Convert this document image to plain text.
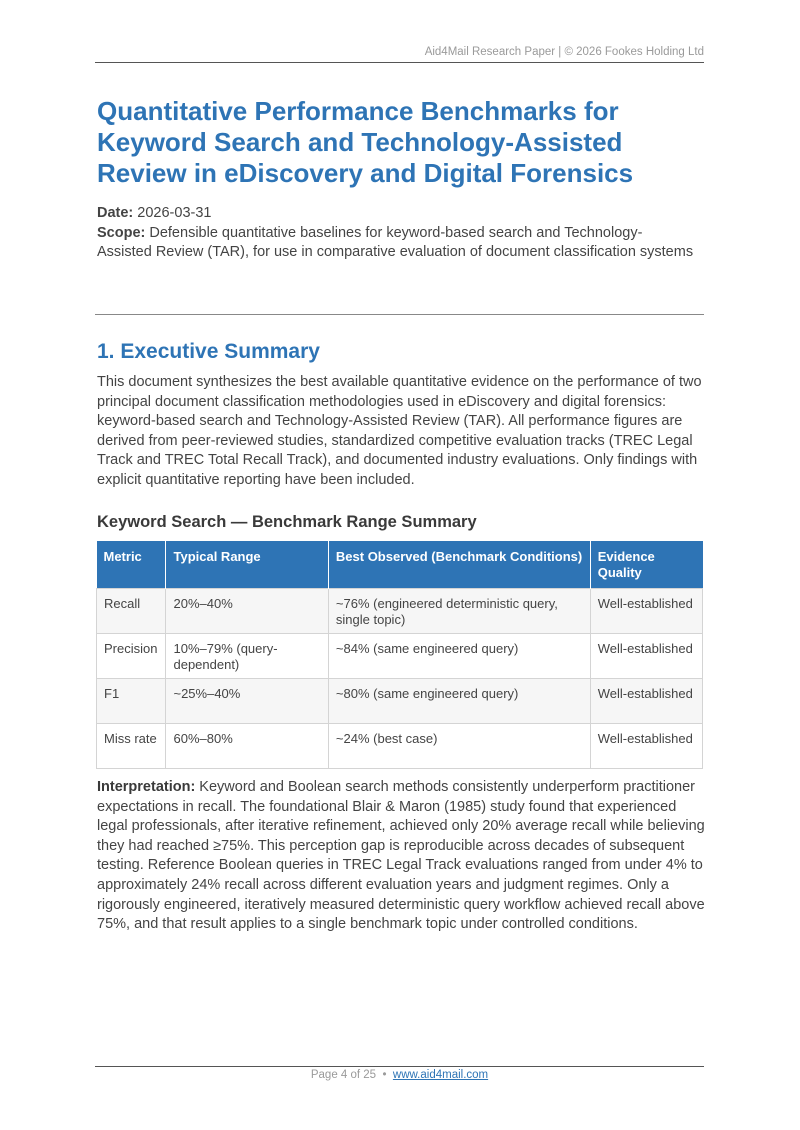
Aid4Mail Research Paper | © 2026 Fookes Holding Ltd
Quantitative Performance Benchmarks for Keyword Search and Technology-Assisted Review in eDiscovery and Digital Forensics

Date: 2026-03-31

Scope: Defensible quantitative baselines for keyword-based search and Technology-Assisted Review (TAR), for use in comparative evaluation of document classification systems

1. Executive Summary

This document synthesizes the best available quantitative evidence on the performance of two principal document classification methodologies used in eDiscovery and digital forensics: keyword-based search and Technology-Assisted Review (TAR). All performance figures are derived from peer-reviewed studies, standardized competitive evaluation tracks (TREC Legal Track and TREC Total Recall Track), and documented industry evaluations. Only findings with explicit quantitative reporting have been included.

Keyword Search — Benchmark Range Summary
Metric	Typical Range	Best Observed (Benchmark Conditions)	Evidence Quality
Recall	20%–40%	~76% (engineered deterministic query, single topic)	Well-established
Precision	10%–79% (query-dependent)	~84% (same engineered query)	Well-established
F1	~25%–40%	~80% (same engineered query)	Well-established
Miss rate	60%–80%	~24% (best case)	Well-established

Interpretation: Keyword and Boolean search methods consistently underperform practitioner expectations in recall. The foundational Blair & Maron (1985) study found that experienced legal professionals, after iterative refinement, achieved only 20% average recall while believing they had reached ≥75%. This perception gap is reproducible across decades of subsequent testing. Reference Boolean queries in TREC Legal Track evaluations ranged from under 4% to approximately 24% recall across different evaluation years and judgment regimes. Only a rigorously engineered, iteratively measured deterministic query workflow achieved recall above 75%, and that result applies to a single benchmark topic under controlled conditions.

Page 4 of 25  •  www.aid4mail.com
